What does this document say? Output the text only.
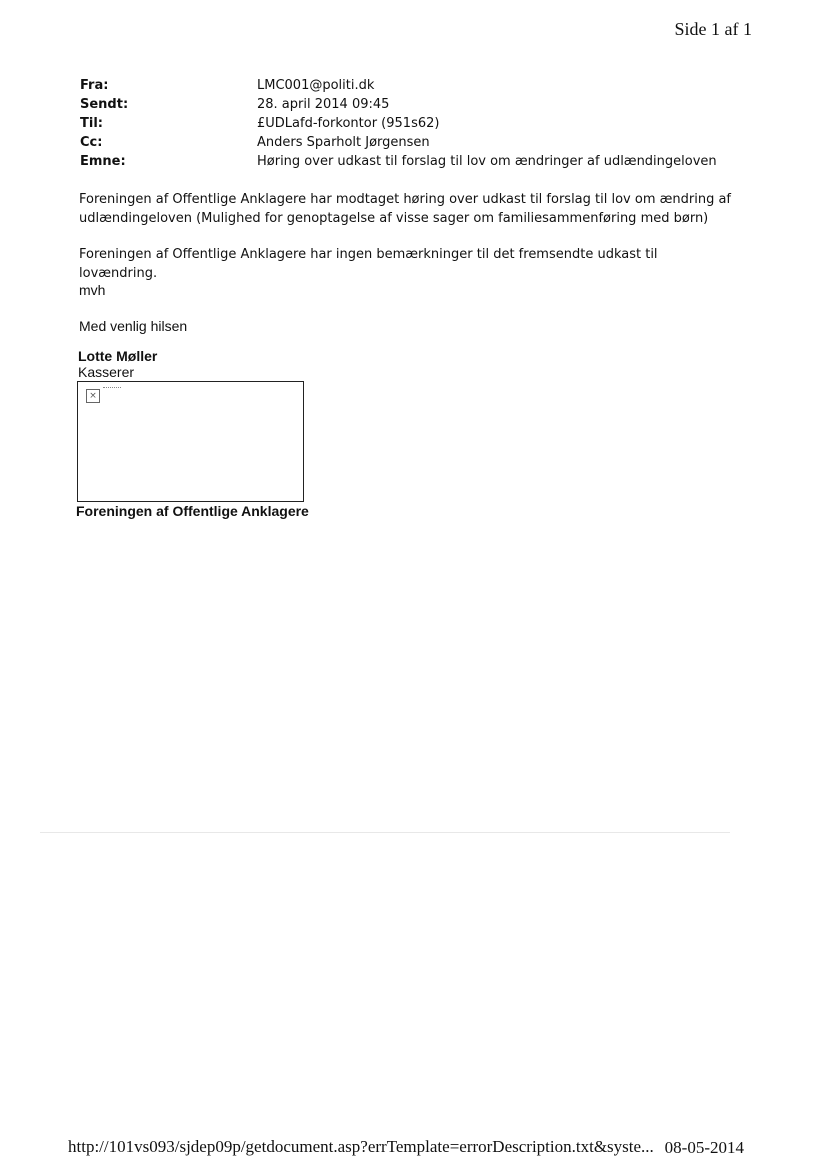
Side 1 af 1
Fra:	LMC001@politi.dk
Sendt:	28. april 2014 09:45
Til:	£UDLafd-forkontor (951s62)
Cc:	Anders Sparholt Jørgensen
Emne:	Høring over udkast til forslag til lov om ændringer af udlændingeloven
Foreningen af Offentlige Anklagere har modtaget høring over udkast til forslag til lov om ændring af udlændingeloven (Mulighed for genoptagelse af visse sager om familiesammenføring med børn)
Foreningen af Offentlige Anklagere har ingen bemærkninger til det fremsendte udkast til lovændring.
mvh
Med venlig hilsen
Lotte Møller
Kasserer
×
Foreningen af Offentlige Anklagere
http://101vs093/sjdep09p/getdocument.asp?errTemplate=errorDescription.txt&syste... 08-05-2014
